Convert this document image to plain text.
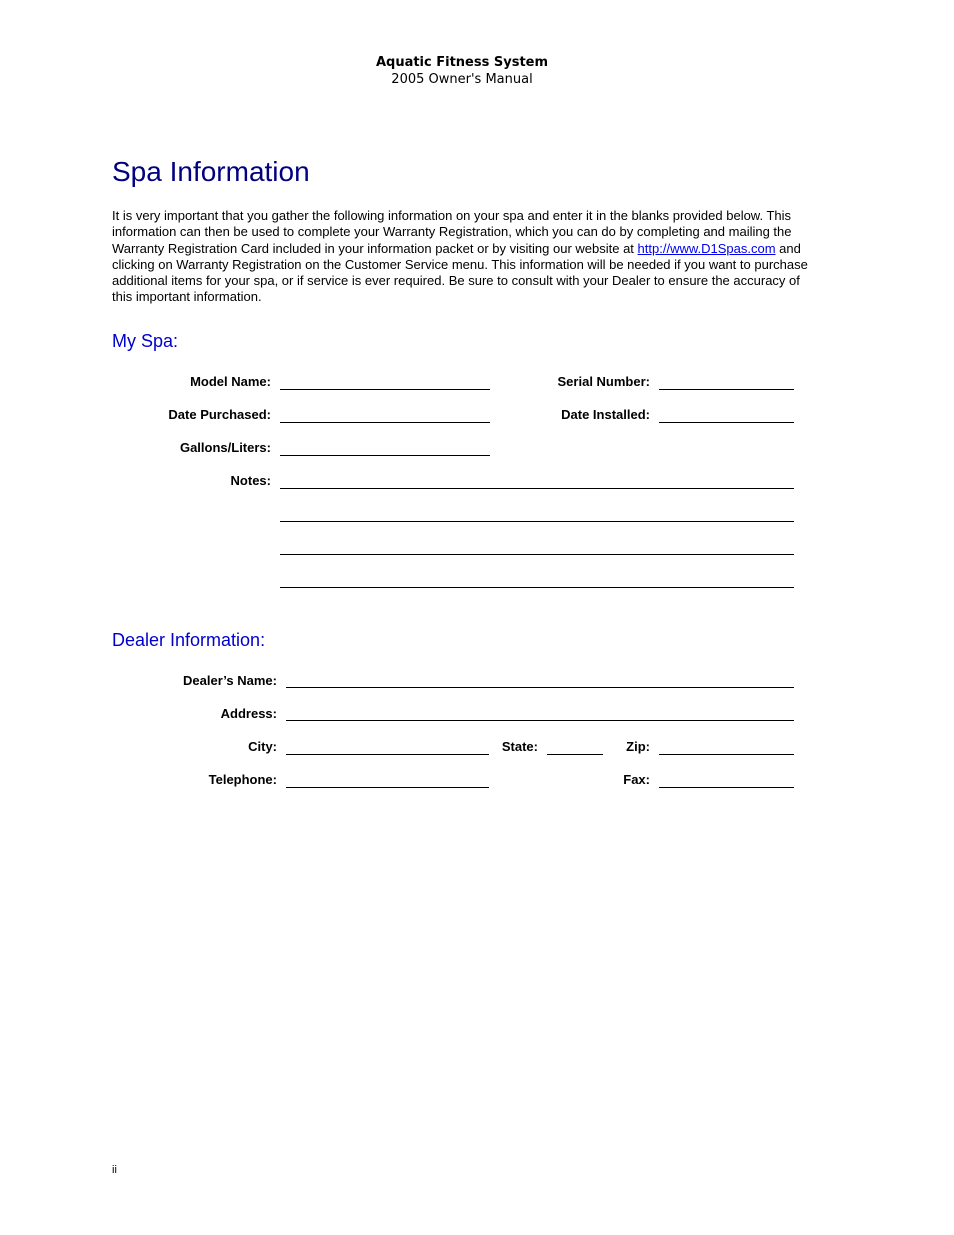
Aquatic Fitness System
2005 Owner's Manual
Spa Information
It is very important that you gather the following information on your spa and enter it in the blanks provided below. This information can then be used to complete your Warranty Registration, which you can do by completing and mailing the Warranty Registration Card included in your information packet or by visiting our website at http://www.D1Spas.com and clicking on Warranty Registration on the Customer Service menu. This information will be needed if you want to purchase additional items for your spa, or if service is ever required. Be sure to consult with your Dealer to ensure the accuracy of this important information.
My Spa:
Model Name:	Serial Number:
Date Purchased:	Date Installed:
Gallons/Liters:
Notes:
Dealer Information:
Dealer’s Name:
Address:
City:	State:	Zip:
Telephone:	Fax:
ii
